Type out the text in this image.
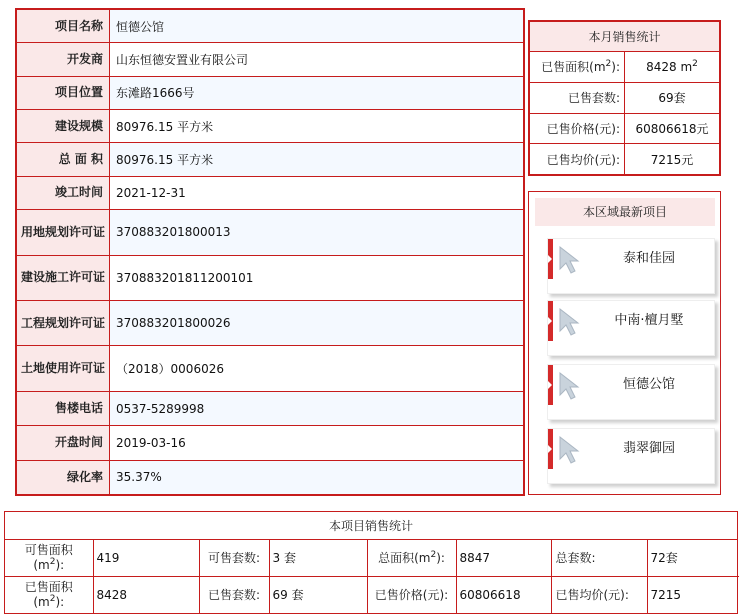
项目名称	恒德公馆
开发商	山东恒德安置业有限公司
项目位置	东滩路1666号
建设规模	80976.15 平方米
总 面 积	80976.15 平方米
竣工时间	2021-12-31
用地规划许可证	370883201800013
建设施工许可证	370883201811200101
工程规划许可证	370883201800026
土地使用许可证	（2018）0006026
售楼电话	0537-5289998
开盘时间	2019-03-16
绿化率	35.37%
本月销售统计	
已售面积$(m^2)$:	8428 $m^2$
已售套数:	69套
已售价格(元):	60806618元
已售均价(元):	7215元
本区域最新项目
泰和佳园
中南·檀月墅
恒德公馆
翡翠御园
本项目销售统计
可售面积
$(m^2)$:	419	可售套数:	3 套	总面积$(m^2)$:	8847	总套数:	72套
已售面积
$(m^2)$:	8428	已售套数:	69 套	已售价格(元):	60806618	已售均价(元):	7215
